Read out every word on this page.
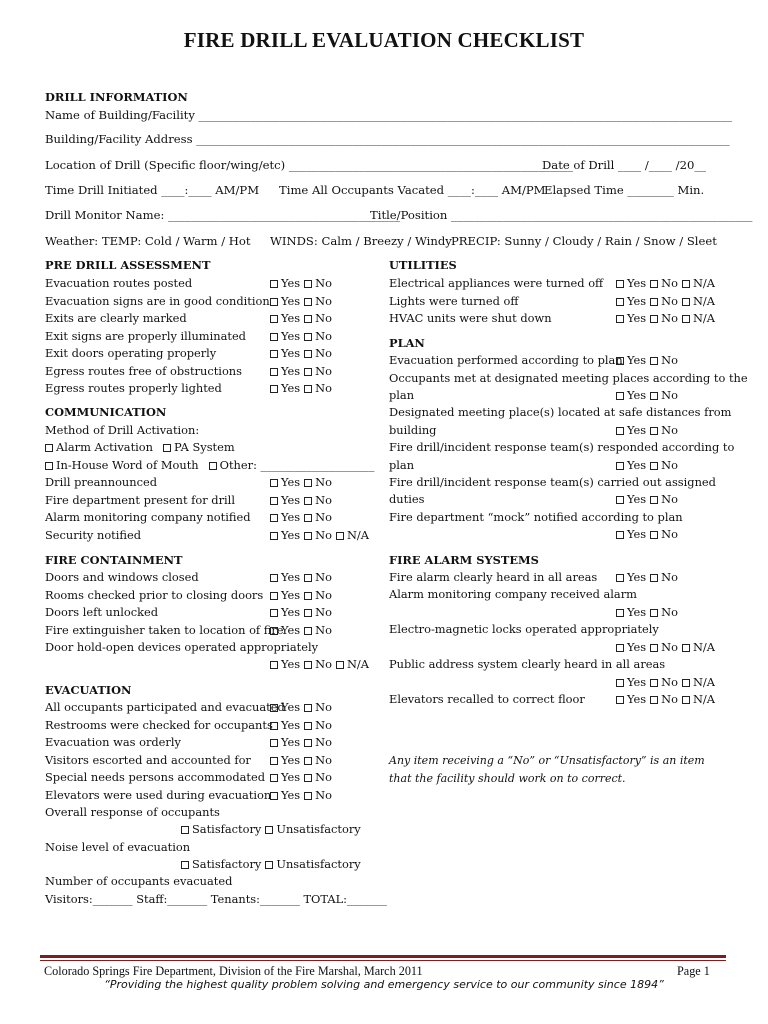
FIRE DRILL EVALUATION CHECKLIST
DRILL INFORMATION
Name of Building/Facility ____________________________________________________________________________________________
Building/Facility Address ____________________________________________________________________________________________
Location of Drill (Specific floor/wing/etc) _________________________________________________
Date of Drill ____ /____ /20__
Time Drill Initiated ____:____ AM/PM Time All Occupants Vacated ____:____ AM/PM
Elapsed Time ________ Min.
Drill Monitor Name: ________________________________________
Title/Position ____________________________________________________
Weather: TEMP: Cold / Warm / Hot WINDS: Calm / Breezy / Windy PRECIP: Sunny / Cloudy / Rain / Snow / Sleet
Any item receiving a “No” or “Unsatisfactory” is an item that the facility should work on to correct.
Colorado Springs Fire Department, Division of the Fire Marshal, March 2011	Page 1
“Providing the highest quality problem solving and emergency service to our community since 1894”
PRE DRILL ASSESSMENT
Evacuation routes posted	Yes No
Evacuation signs are in good condition Yes No
Exits are clearly marked	Yes No
Exit signs are properly illuminated	Yes No
Exit doors operating properly	Yes No
Egress routes free of obstructions	Yes No
Egress routes properly lighted	Yes No
COMMUNICATION
Method of Drill Activation:
Alarm Activation PA System
In-House Word of Mouth Other: ____________________
Drill preannounced	Yes No
Fire department present for drill	Yes No
Alarm monitoring company notified	Yes No
Security notified	Yes No N/A
FIRE CONTAINMENT
Doors and windows closed	Yes No
Rooms checked prior to closing doors	Yes No
Doors left unlocked	Yes No
Fire extinguisher taken to location of fire
Yes No
Door hold-open devices operated appropriately
Yes No N/A
EVACUATION
All occupants participated and evacuated
Yes No
Restrooms were checked for occupants Yes No
Evacuation was orderly	Yes No
Visitors escorted and accounted for	Yes No
Special needs persons accommodated	Yes No
Elevators were used during evacuation Yes No
Overall response of occupants
Satisfactory Unsatisfactory
Noise level of evacuation
Satisfactory Unsatisfactory
Number of occupants evacuated
Visitors:_______ Staff:_______ Tenants:_______ TOTAL:_______
UTILITIES
Electrical appliances were turned off	Yes No N/A
Lights were turned off	Yes No N/A
HVAC units were shut down	Yes No N/A
PLAN
Evacuation performed according to plan Yes No
Occupants met at designated meeting places according to the
plan	Yes No
Designated meeting place(s) located at safe distances from
building	Yes No
Fire drill/incident response team(s) responded according to
plan	Yes No
Fire drill/incident response team(s) carried out assigned
duties	Yes No
Fire department “mock” notified according to plan
Yes No
FIRE ALARM SYSTEMS
Fire alarm clearly heard in all areas	Yes No
Alarm monitoring company received alarm
Yes No
Electro-magnetic locks operated appropriately
Yes No N/A
Public address system clearly heard in all areas
Yes No N/A
Elevators recalled to correct floor	Yes No N/A
